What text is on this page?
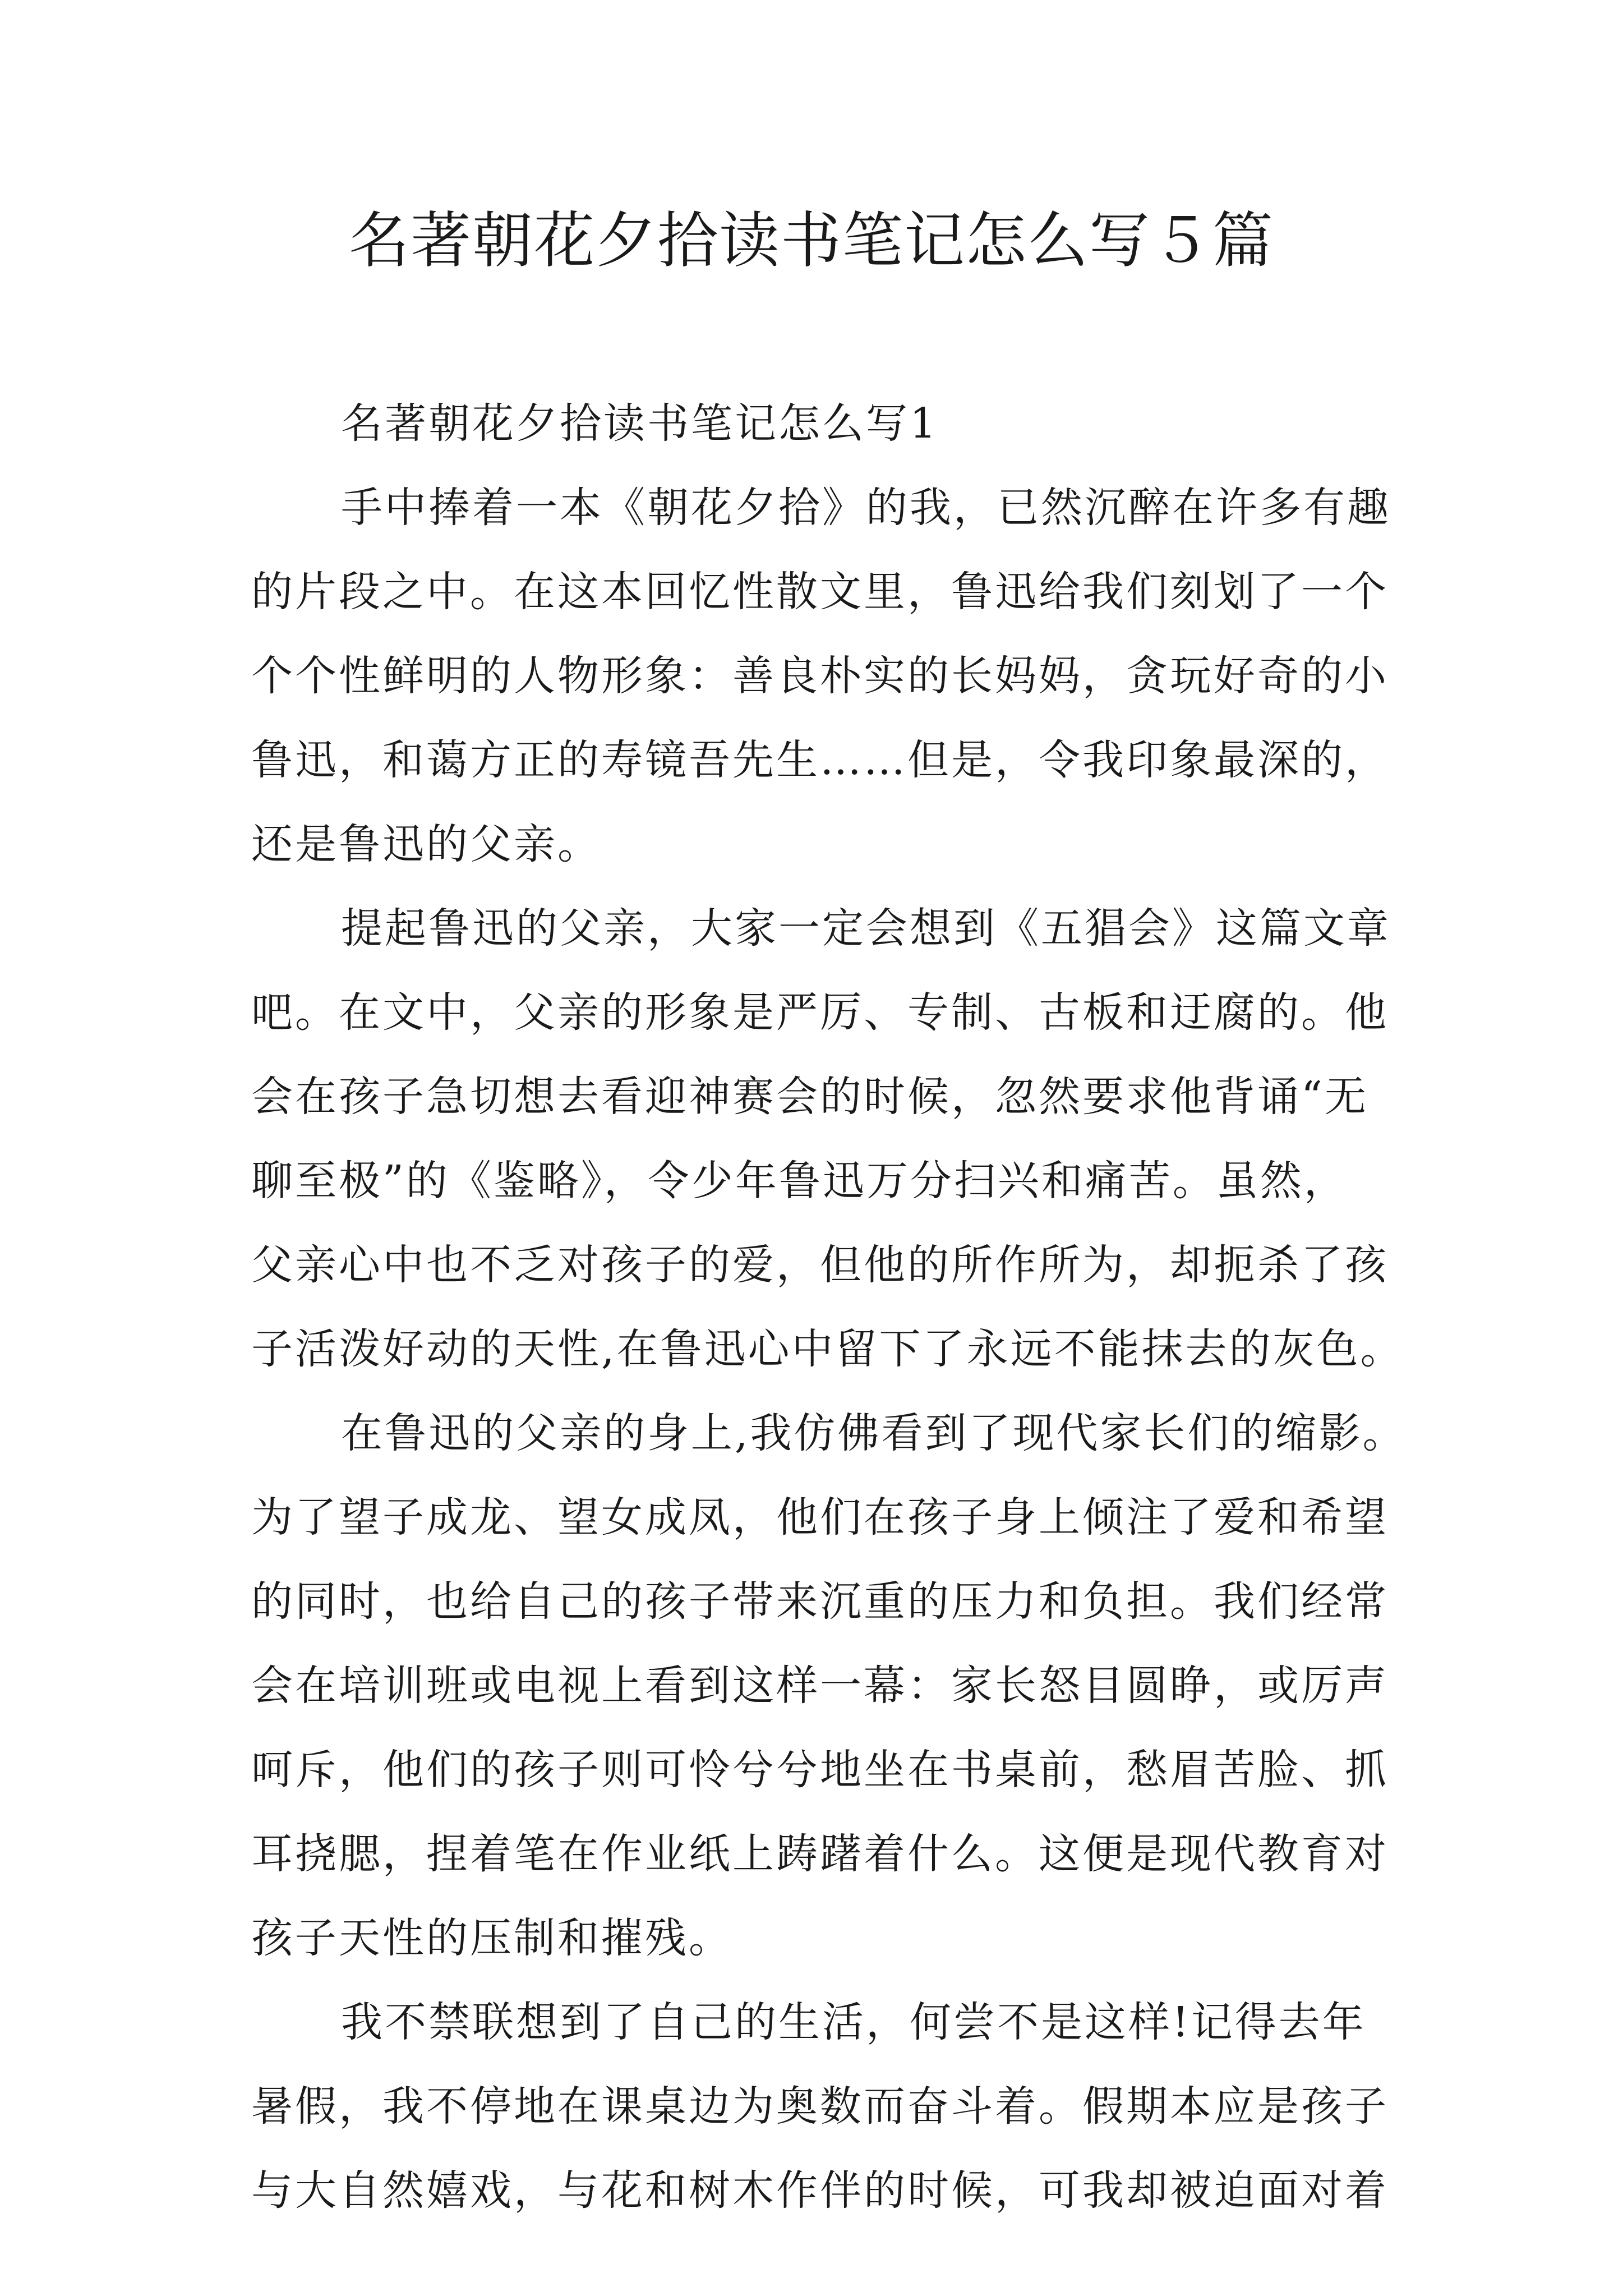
名著朝花夕拾读书笔记怎么写５篇
名著朝花夕拾读书笔记怎么写1
手中捧着一本《朝花夕拾》的我，已然沉醉在许多有趣
的片段之中。在这本回忆性散文里，鲁迅给我们刻划了一个
个个性鲜明的人物形象：善良朴实的长妈妈，贪玩好奇的小
鲁迅，和蔼方正的寿镜吾先生……但是，令我印象最深的，
还是鲁迅的父亲。
提起鲁迅的父亲，大家一定会想到《五猖会》这篇文章
吧。在文中，父亲的形象是严厉、专制、古板和迂腐的。他
会在孩子急切想去看迎神赛会的时候，忽然要求他背诵“无
聊至极”的《鉴略》，令少年鲁迅万分扫兴和痛苦。虽然，
父亲心中也不乏对孩子的爱，但他的所作所为，却扼杀了孩
子活泼好动的天性,在鲁迅心中留下了永远不能抹去的灰色。
在鲁迅的父亲的身上,我仿佛看到了现代家长们的缩影。
为了望子成龙、望女成凤，他们在孩子身上倾注了爱和希望
的同时，也给自己的孩子带来沉重的压力和负担。我们经常
会在培训班或电视上看到这样一幕：家长怒目圆睁，或厉声
呵斥，他们的孩子则可怜兮兮地坐在书桌前，愁眉苦脸、抓
耳挠腮，捏着笔在作业纸上踌躇着什么。这便是现代教育对
孩子天性的压制和摧残。
我不禁联想到了自己的生活，何尝不是这样!记得去年
暑假，我不停地在课桌边为奥数而奋斗着。假期本应是孩子
与大自然嬉戏，与花和树木作伴的时候，可我却被迫面对着
